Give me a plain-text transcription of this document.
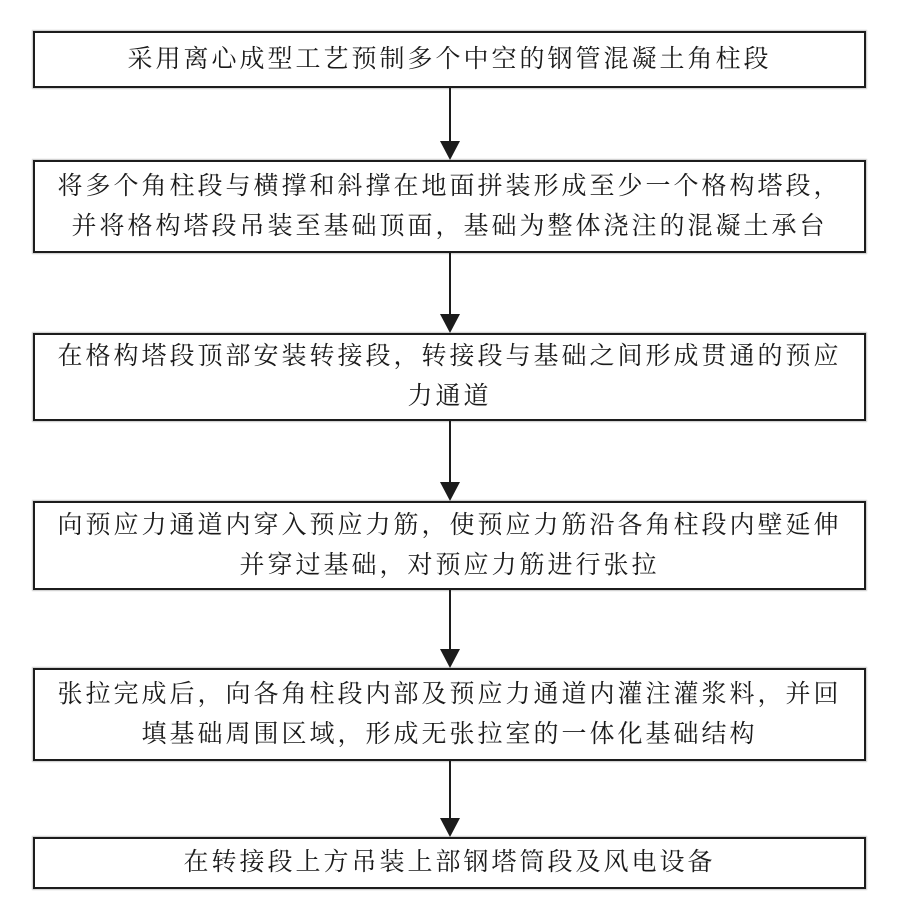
采用离心成型工艺预制多个中空的钢管混凝土角柱段
将多个角柱段与横撑和斜撑在地面拼装形成至少一个格构塔段，并将格构塔段吊装至基础顶面，基础为整体浇注的混凝土承台
在格构塔段顶部安装转接段，转接段与基础之间形成贯通的预应力通道
向预应力通道内穿入预应力筋，使预应力筋沿各角柱段内壁延伸并穿过基础，对预应力筋进行张拉
张拉完成后，向各角柱段内部及预应力通道内灌注灌浆料，并回填基础周围区域，形成无张拉室的一体化基础结构
在转接段上方吊装上部钢塔筒段及风电设备
